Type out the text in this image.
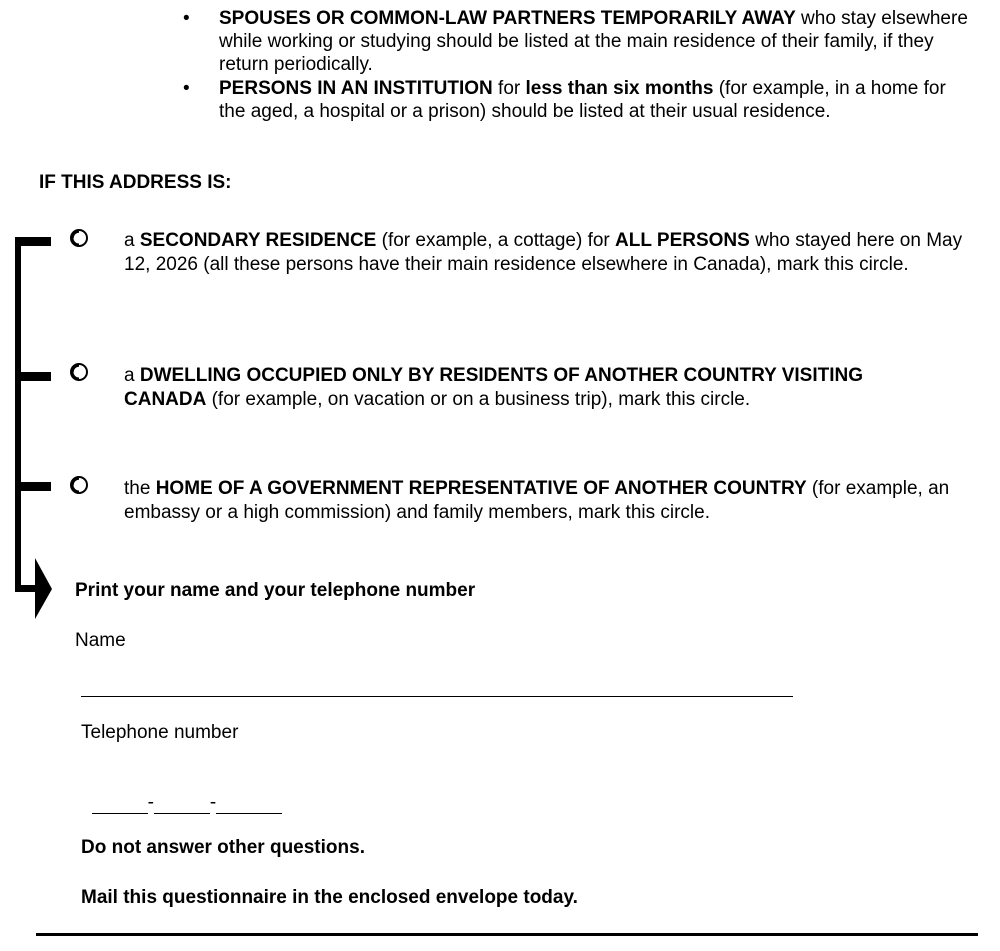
• SPOUSES OR COMMON-LAW PARTNERS TEMPORARILY AWAY who stay elsewhere while working or studying should be listed at the main residence of their family, if they return periodically.
• PERSONS IN AN INSTITUTION for less than six months (for example, in a home for the aged, a hospital or a prison) should be listed at their usual residence.
IF THIS ADDRESS IS:
a SECONDARY RESIDENCE (for example, a cottage) for ALL PERSONS who stayed here on May 12, 2026 (all these persons have their main residence elsewhere in Canada), mark this circle.
a DWELLING OCCUPIED ONLY BY RESIDENTS OF ANOTHER COUNTRY VISITING CANADA (for example, on vacation or on a business trip), mark this circle.
the HOME OF A GOVERNMENT REPRESENTATIVE OF ANOTHER COUNTRY (for example, an embassy or a high commission) and family members, mark this circle.
Print your name and your telephone number
Name
Telephone number

-	-

Do not answer other questions.
Mail this questionnaire in the enclosed envelope today.
